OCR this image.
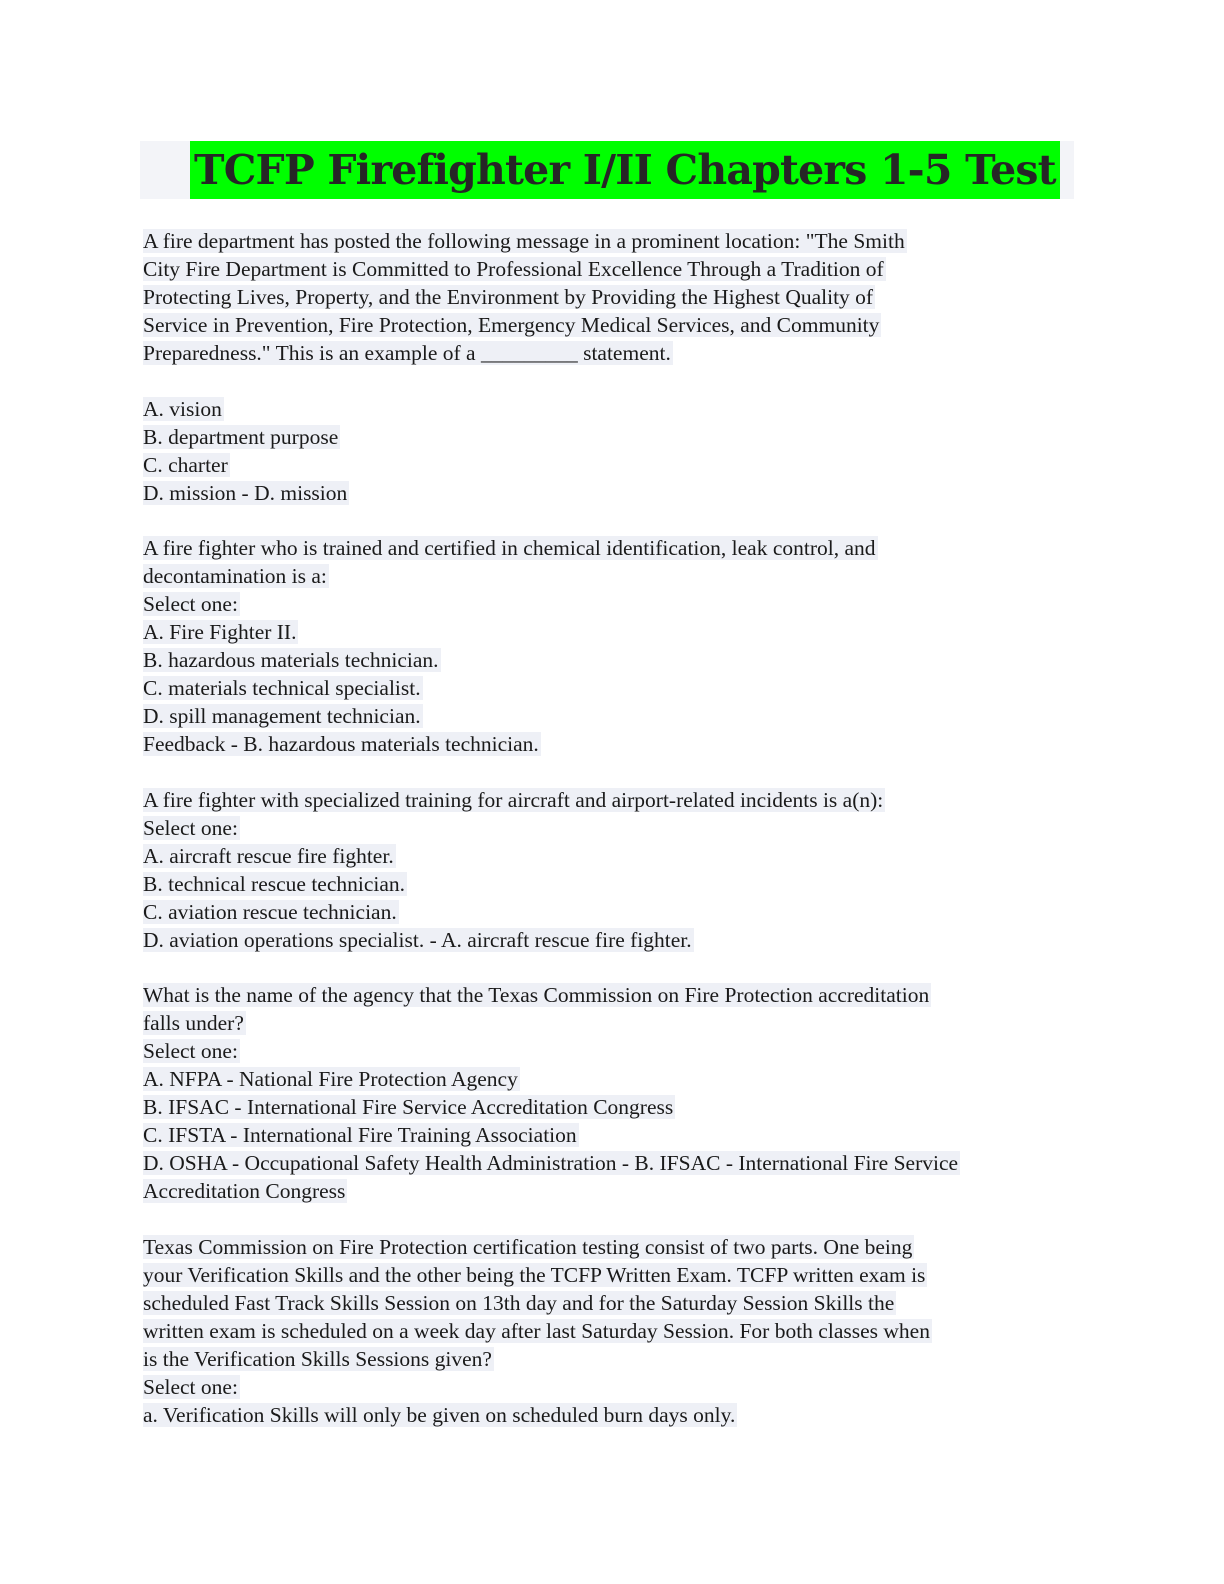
TCFP Firefighter I/II Chapters 1-5 Test
A fire department has posted the following message in a prominent location: "The Smith
City Fire Department is Committed to Professional Excellence Through a Tradition of
Protecting Lives, Property, and the Environment by Providing the Highest Quality of
Service in Prevention, Fire Protection, Emergency Medical Services, and Community
Preparedness." This is an example of a _________ statement.
A. vision
B. department purpose
C. charter
D. mission - D. mission
A fire fighter who is trained and certified in chemical identification, leak control, and
decontamination is a:
Select one:
A. Fire Fighter II.
B. hazardous materials technician.
C. materials technical specialist.
D. spill management technician.
Feedback - B. hazardous materials technician.
A fire fighter with specialized training for aircraft and airport-related incidents is a(n):
Select one:
A. aircraft rescue fire fighter.
B. technical rescue technician.
C. aviation rescue technician.
D. aviation operations specialist. - A. aircraft rescue fire fighter.
What is the name of the agency that the Texas Commission on Fire Protection accreditation
falls under?
Select one:
A. NFPA - National Fire Protection Agency
B. IFSAC - International Fire Service Accreditation Congress
C. IFSTA - International Fire Training Association
D. OSHA - Occupational Safety Health Administration - B. IFSAC - International Fire Service
Accreditation Congress
Texas Commission on Fire Protection certification testing consist of two parts. One being
your Verification Skills and the other being the TCFP Written Exam. TCFP written exam is
scheduled Fast Track Skills Session on 13th day and for the Saturday Session Skills the
written exam is scheduled on a week day after last Saturday Session. For both classes when
is the Verification Skills Sessions given?
Select one:
a. Verification Skills will only be given on scheduled burn days only.
